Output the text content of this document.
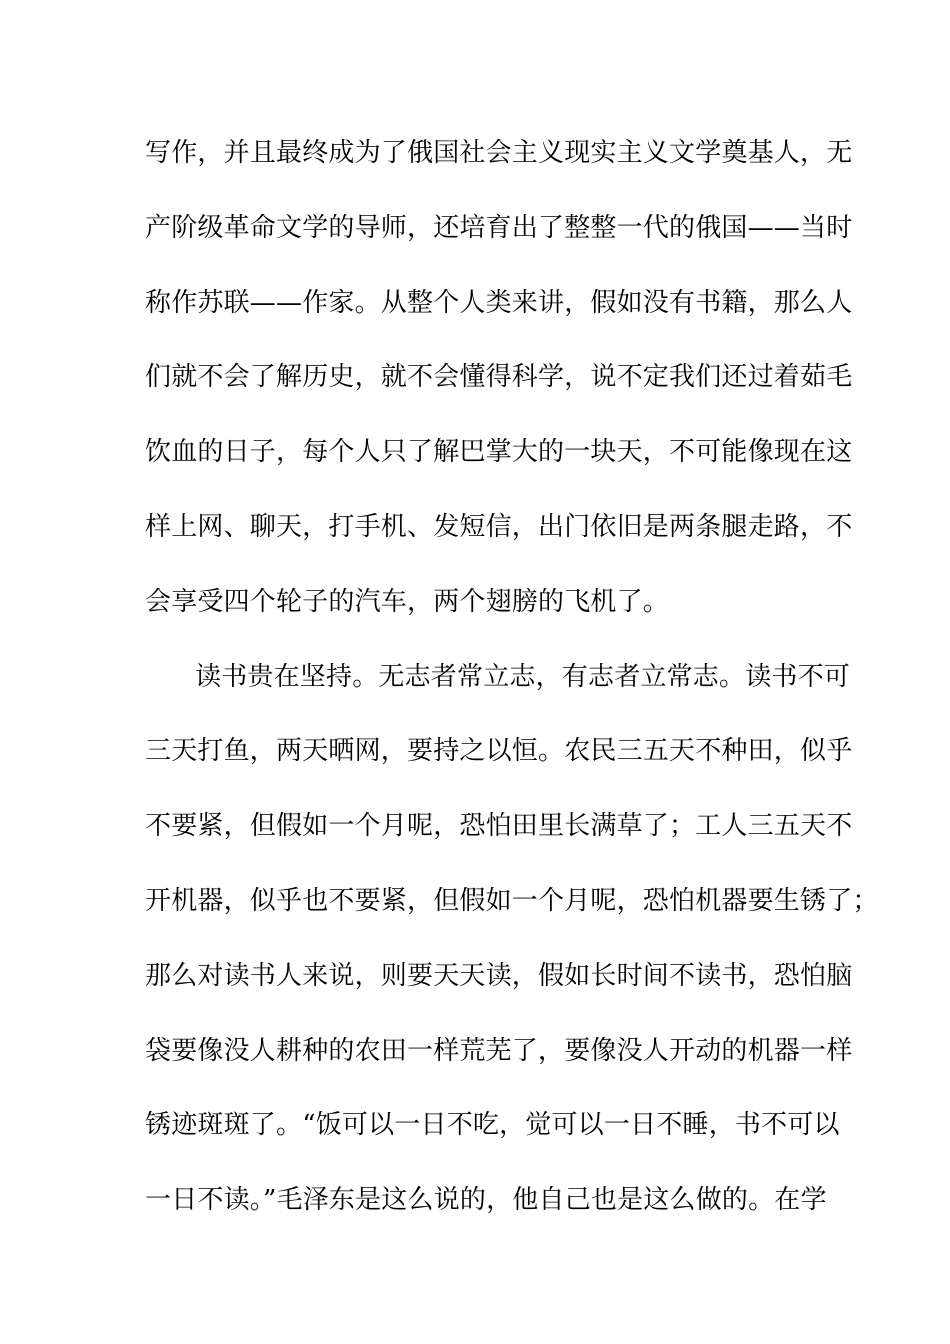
写作，并且最终成为了俄国社会主义现实主义文学奠基人，无
产阶级革命文学的导师，还培育出了整整一代的俄国——当时
称作苏联——作家。从整个人类来讲，假如没有书籍，那么人
们就不会了解历史，就不会懂得科学，说不定我们还过着茹毛
饮血的日子，每个人只了解巴掌大的一块天，不可能像现在这
样上网、聊天，打手机、发短信，出门依旧是两条腿走路，不
会享受四个轮子的汽车，两个翅膀的飞机了。
读书贵在坚持。无志者常立志，有志者立常志。读书不可
三天打鱼，两天晒网，要持之以恒。农民三五天不种田，似乎
不要紧，但假如一个月呢，恐怕田里长满草了；工人三五天不
开机器，似乎也不要紧，但假如一个月呢，恐怕机器要生锈了；
那么对读书人来说，则要天天读，假如长时间不读书，恐怕脑
袋要像没人耕种的农田一样荒芜了，要像没人开动的机器一样
锈迹斑斑了。“饭可以一日不吃，觉可以一日不睡，书不可以
一日不读。”毛泽东是这么说的，他自己也是这么做的。在学
